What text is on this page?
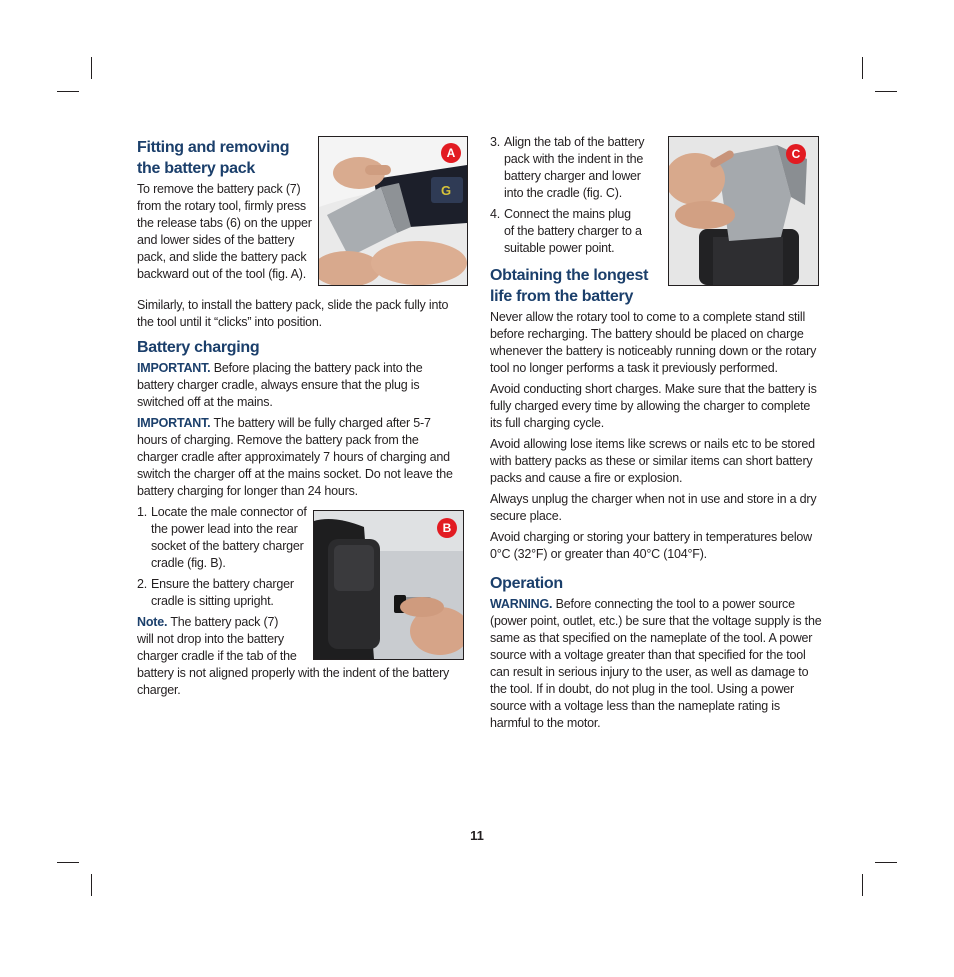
Fitting and removing
the battery pack

To remove the battery pack (7)
from the rotary tool, firmly press
the release tabs (6) on the upper
and lower sides of the battery
pack, and slide the battery pack
backward out of the tool (fig. A).

Similarly, to install the battery pack, slide the pack fully into the tool until it “clicks” into position.

Battery charging

IMPORTANT. Before placing the battery pack into the battery charger cradle, always ensure that the plug is switched off at the mains.

IMPORTANT. The battery will be fully charged after 5-7 hours of charging. Remove the battery pack from the charger cradle after approximately 7 hours of charging and switch the charger off at the mains socket. Do not leave the battery charging for longer than 24 hours.

1. Locate the male connector of
the power lead into the rear
socket of the battery charger
cradle (fig. B).
2. Ensure the battery charger
cradle is sitting upright.

Note. The battery pack (7)
will not drop into the battery
charger cradle if the tab of the
battery is not aligned properly with the indent of the battery charger.

G
A
B
3. Align the tab of the battery
pack with the indent in the
battery charger and lower
into the cradle (fig. C).
4. Connect the mains plug
of the battery charger to a
suitable power point.
Obtaining the longest
life from the battery

Never allow the rotary tool to come to a complete stand still before recharging. The battery should be placed on charge whenever the battery is noticeably running down or the rotary tool no longer performs a task it previously performed.

Avoid conducting short charges. Make sure that the battery is fully charged every time by allowing the charger to complete its full charging cycle.

Avoid allowing lose items like screws or nails etc to be stored with battery packs as these or similar items can short battery packs and cause a fire or explosion.

Always unplug the charger when not in use and store in a dry secure place.

Avoid charging or storing your battery in temperatures below 0°C (32°F) or greater than 40°C (104°F).

Operation

WARNING. Before connecting the tool to a power source (power point, outlet, etc.) be sure that the voltage supply is the same as that specified on the nameplate of the tool. A power source with a voltage greater than that specified for the tool can result in serious injury to the user, as well as damage to the tool. If in doubt, do not plug in the tool. Using a power source with a voltage less than the nameplate rating is harmful to the motor.

C
11
